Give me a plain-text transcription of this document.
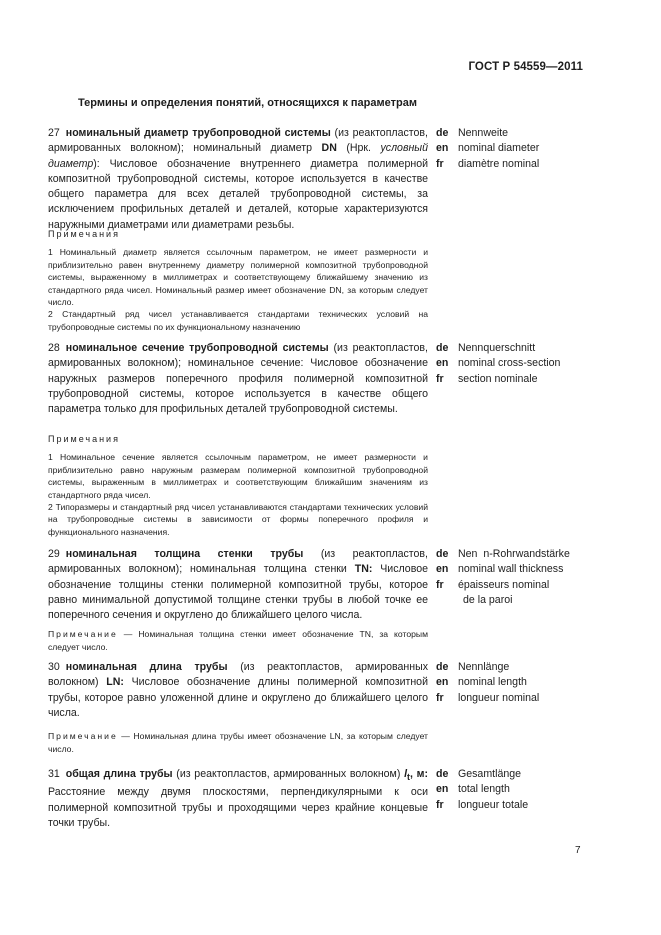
ГОСТ Р 54559—2011
Термины и определения понятий, относящихся к параметрам
27 номинальный диаметр трубопроводной системы (из реактопластов, армированных волокном); номинальный диаметр DN (Нрк. условный диаметр): Числовое обозначение внутреннего диаметра полимерной композитной трубопроводной системы, которое используется в качестве общего параметра для всех деталей трубопроводной системы, за исключением профильных деталей и деталей, которые характеризуются наружными диаметрами или диаметрами резьбы.
de Nennweite
en nominal diameter
fr	diamètre nominal
Примечания
1 Номинальный диаметр является ссылочным параметром, не имеет размерности и приблизительно равен внутреннему диаметру полимерной композитной трубопроводной системы, выраженному в миллиметрах и соответствующему ближайшему значению из стандартного ряда чисел. Номинальный размер имеет обозначение DN, за которым следует число.
2 Стандартный ряд чисел устанавливается стандартами технических условий на трубопроводные системы по их функциональному назначению
28 номинальное сечение трубопроводной системы (из реактопластов, армированных волокном); номинальное сечение: Числовое обозначение наружных размеров поперечного профиля полимерной композитной трубопроводной системы, которое используется в качестве общего параметра только для профильных деталей трубопроводной системы.
de Nennquerschnitt
en nominal cross-section
fr	section nominale
Примечания
1 Номинальное сечение является ссылочным параметром, не имеет размерности и приблизительно равно наружным размерам полимерной композитной трубопроводной системы, выраженным в миллиметрах и соответствующим ближайшим значениям из стандартного ряда чисел.
2 Типоразмеры и стандартный ряд чисел устанавливаются стандартами технических условий на трубопроводные системы в зависимости от формы поперечного профиля и функционального назначения.
29 номинальная толщина стенки трубы (из реактопластов, армированных волокном); номинальная толщина стенки TN: Числовое обозначение толщины стенки полимерной композитной трубы, которое равно минимальной допустимой толщине стенки трубы в любой точке ее поперечного сечения и округлено до ближайшего целого числа.
de Nen  n-Rohrwandstärke
en nominal wall thickness
fr	épaisseurs nominal
de la paroi
Примечание — Номинальная толщина стенки имеет обозначение TN, за которым следует число.
30 номинальная длина трубы (из реактопластов, армированных волокном) LN: Числовое обозначение длины полимерной композитной трубы, которое равно уложенной длине и округлено до ближайшего целого числа.
de Nennlänge
en nominal length
fr	longueur nominal
Примечание — Номинальная длина трубы имеет обозначение LN, за которым следует число.
31 общая длина трубы (из реактопластов, армированных волокном) $l_t$, м: Расстояние между двумя плоскостями, перпендикулярными к оси полимерной композитной трубы и проходящими через крайние концевые точки трубы.
de Gesamtlänge
en total length
fr	longueur totale
7
